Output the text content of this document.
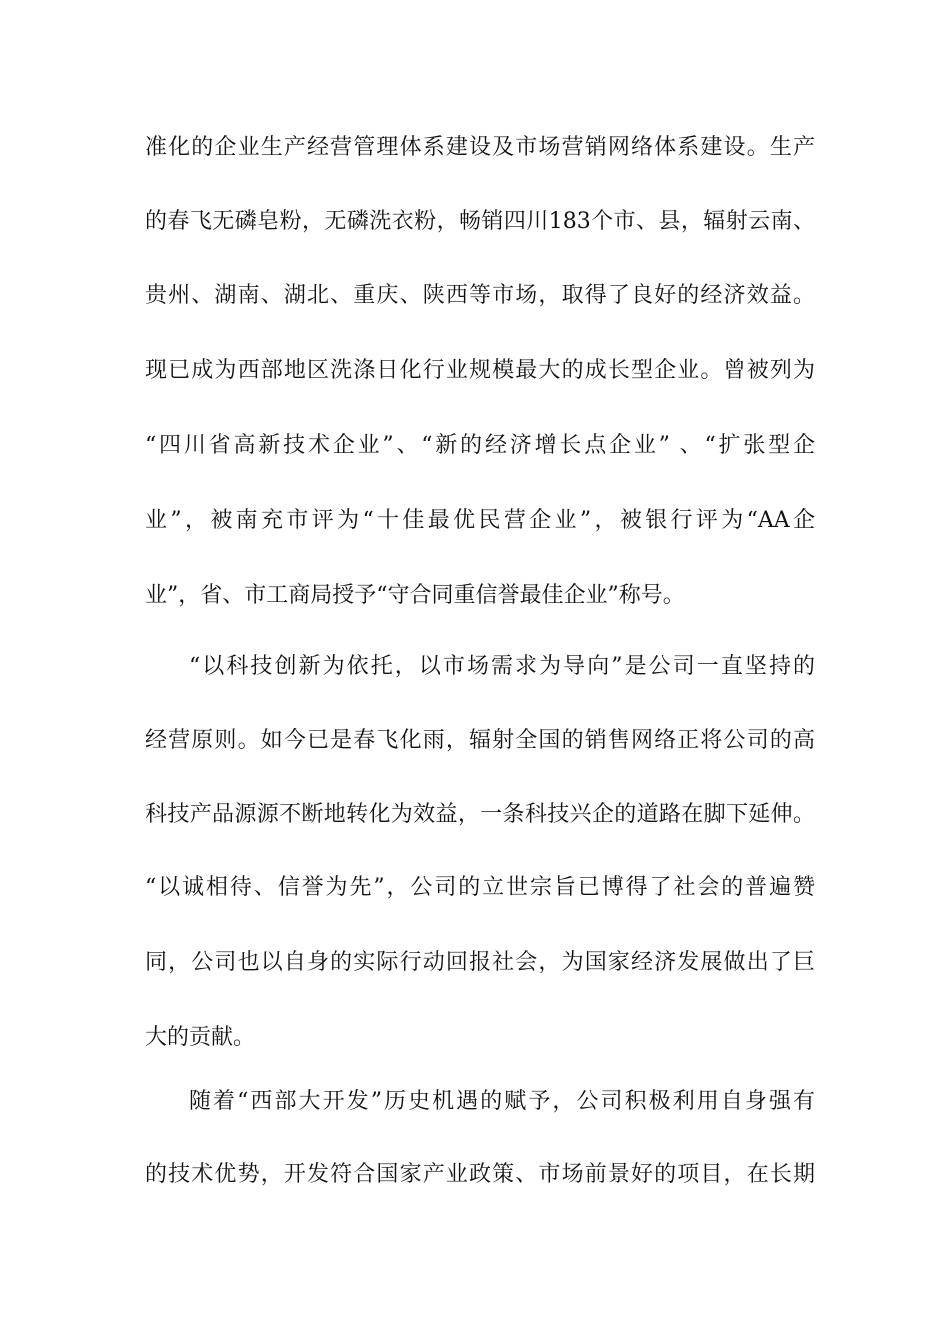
准化的企业生产经营管理体系建设及市场营销网络体系建设。生产
的春飞无磷皂粉，无磷洗衣粉，畅销四川183个市、县，辐射云南、
贵州、湖南、湖北、重庆、陕西等市场，取得了良好的经济效益。
现已成为西部地区洗涤日化行业规模最大的成长型企业。曾被列为
“四川省高新技术企业”、“新的经济增长点企业” 、“扩张型企
业”，被南充市评为“十佳最优民营企业”，被银行评为“AA企
业”，省、市工商局授予“守合同重信誉最佳企业”称号。
“以科技创新为依托，以市场需求为导向”是公司一直坚持的
经营原则。如今已是春飞化雨，辐射全国的销售网络正将公司的高
科技产品源源不断地转化为效益，一条科技兴企的道路在脚下延伸。
“以诚相待、信誉为先”，公司的立世宗旨已博得了社会的普遍赞
同，公司也以自身的实际行动回报社会，为国家经济发展做出了巨
大的贡献。
随着“西部大开发”历史机遇的赋予，公司积极利用自身强有
的技术优势，开发符合国家产业政策、市场前景好的项目，在长期
